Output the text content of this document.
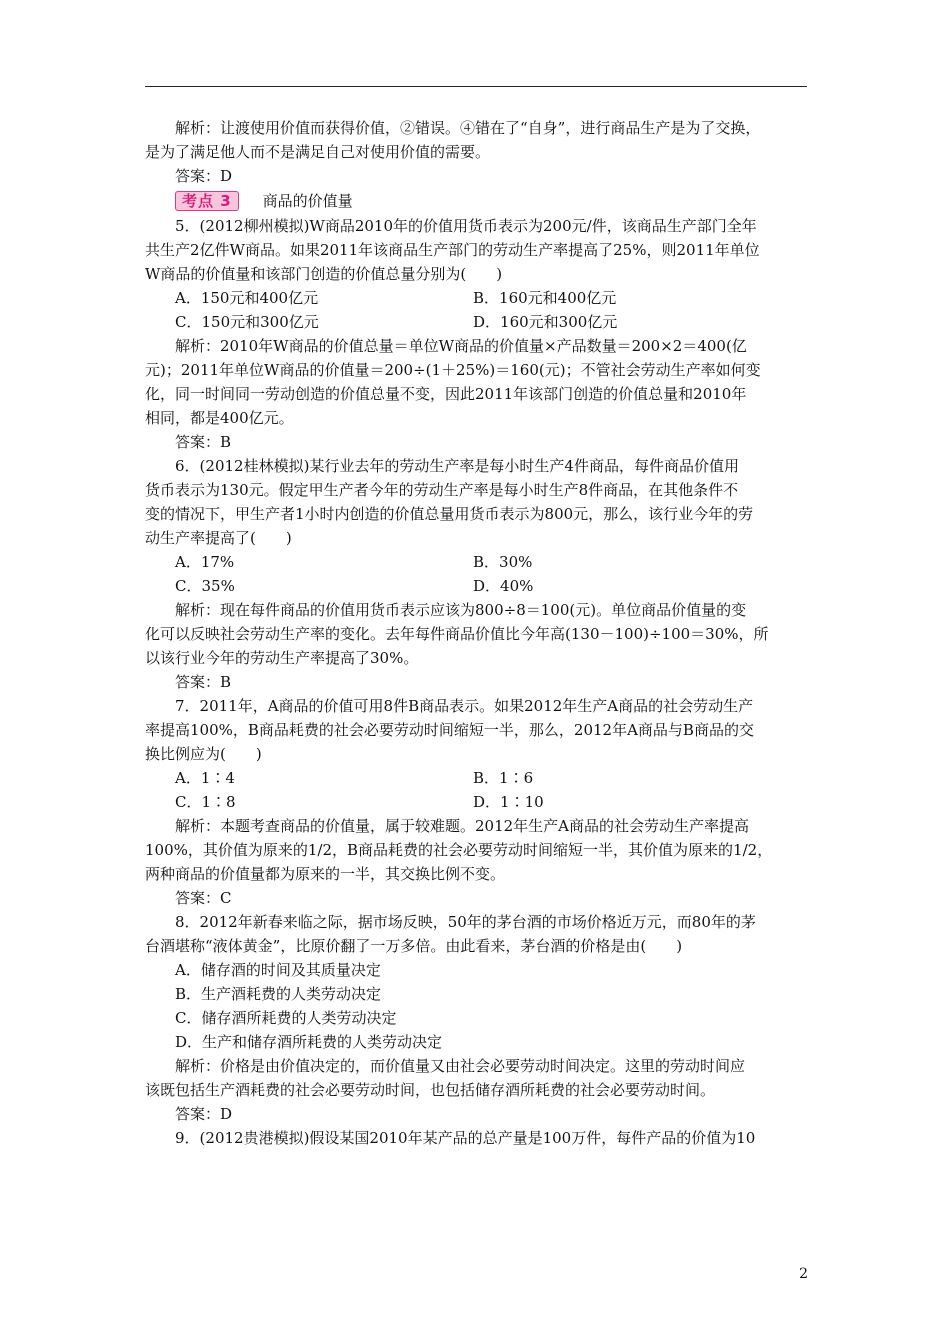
解析：让渡使用价值而获得价值，②错误。④错在了“自身”，进行商品生产是为了交换，
是为了满足他人而不是满足自己对使用价值的需要。
答案：D
考点 3	商品的价值量
5．(2012柳州模拟)W商品2010年的价值用货币表示为200元/件，该商品生产部门全年
共生产2亿件W商品。如果2011年该商品生产部门的劳动生产率提高了25%，则2011年单位
W商品的价值量和该部门创造的价值总量分别为(　　)
A．150元和400亿元	B．160元和400亿元
C．150元和300亿元	D．160元和300亿元
解析：2010年W商品的价值总量＝单位W商品的价值量×产品数量＝200×2＝400(亿
元)；2011年单位W商品的价值量＝200÷(1＋25%)＝160(元)；不管社会劳动生产率如何变
化，同一时间同一劳动创造的价值总量不变，因此2011年该部门创造的价值总量和2010年
相同，都是400亿元。
答案：B
6．(2012桂林模拟)某行业去年的劳动生产率是每小时生产4件商品，每件商品价值用
货币表示为130元。假定甲生产者今年的劳动生产率是每小时生产8件商品，在其他条件不
变的情况下，甲生产者1小时内创造的价值总量用货币表示为800元，那么，该行业今年的劳
动生产率提高了(　　)
A．17%	B．30%
C．35%	D．40%
解析：现在每件商品的价值用货币表示应该为800÷8＝100(元)。单位商品价值量的变
化可以反映社会劳动生产率的变化。去年每件商品价值比今年高(130－100)÷100＝30%，所
以该行业今年的劳动生产率提高了30%。
答案：B
7．2011年，A商品的价值可用8件B商品表示。如果2012年生产A商品的社会劳动生产
率提高100%，B商品耗费的社会必要劳动时间缩短一半，那么，2012年A商品与B商品的交
换比例应为(　　)
A．1∶4	B．1∶6
C．1∶8	D．1∶10
解析：本题考查商品的价值量，属于较难题。2012年生产A商品的社会劳动生产率提高
100%，其价值为原来的1/2，B商品耗费的社会必要劳动时间缩短一半，其价值为原来的1/2，
两种商品的价值量都为原来的一半，其交换比例不变。
答案：C
8．2012年新春来临之际，据市场反映，50年的茅台酒的市场价格近万元，而80年的茅
台酒堪称“液体黄金”，比原价翻了一万多倍。由此看来，茅台酒的价格是由(　　)
A．储存酒的时间及其质量决定
B．生产酒耗费的人类劳动决定
C．储存酒所耗费的人类劳动决定
D．生产和储存酒所耗费的人类劳动决定
解析：价格是由价值决定的，而价值量又由社会必要劳动时间决定。这里的劳动时间应
该既包括生产酒耗费的社会必要劳动时间，也包括储存酒所耗费的社会必要劳动时间。
答案：D
9．(2012贵港模拟)假设某国2010年某产品的总产量是100万件，每件产品的价值为10
2
